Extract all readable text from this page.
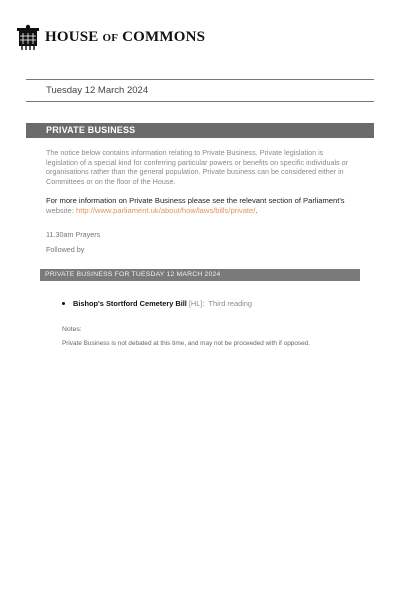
HOUSE OF COMMONS
Tuesday 12 March 2024
PRIVATE BUSINESS
The notice below contains information relating to Private Business. Private legislation is legislation of a special kind for conferring particular powers or benefits on specific individuals or organisations rather than the general population. Private business can be considered either in Committees or on the floor of the House.
For more information on Private Business please see the relevant section of Parliament's website: http://www.parliament.uk/about/how/laws/bills/private/.
11.30am Prayers
Followed by
PRIVATE BUSINESS FOR TUESDAY 12 MARCH 2024
Bishop's Stortford Cemetery Bill [HL]: Third reading
Notes:
Private Business is not debated at this time, and may not be proceeded with if opposed.
